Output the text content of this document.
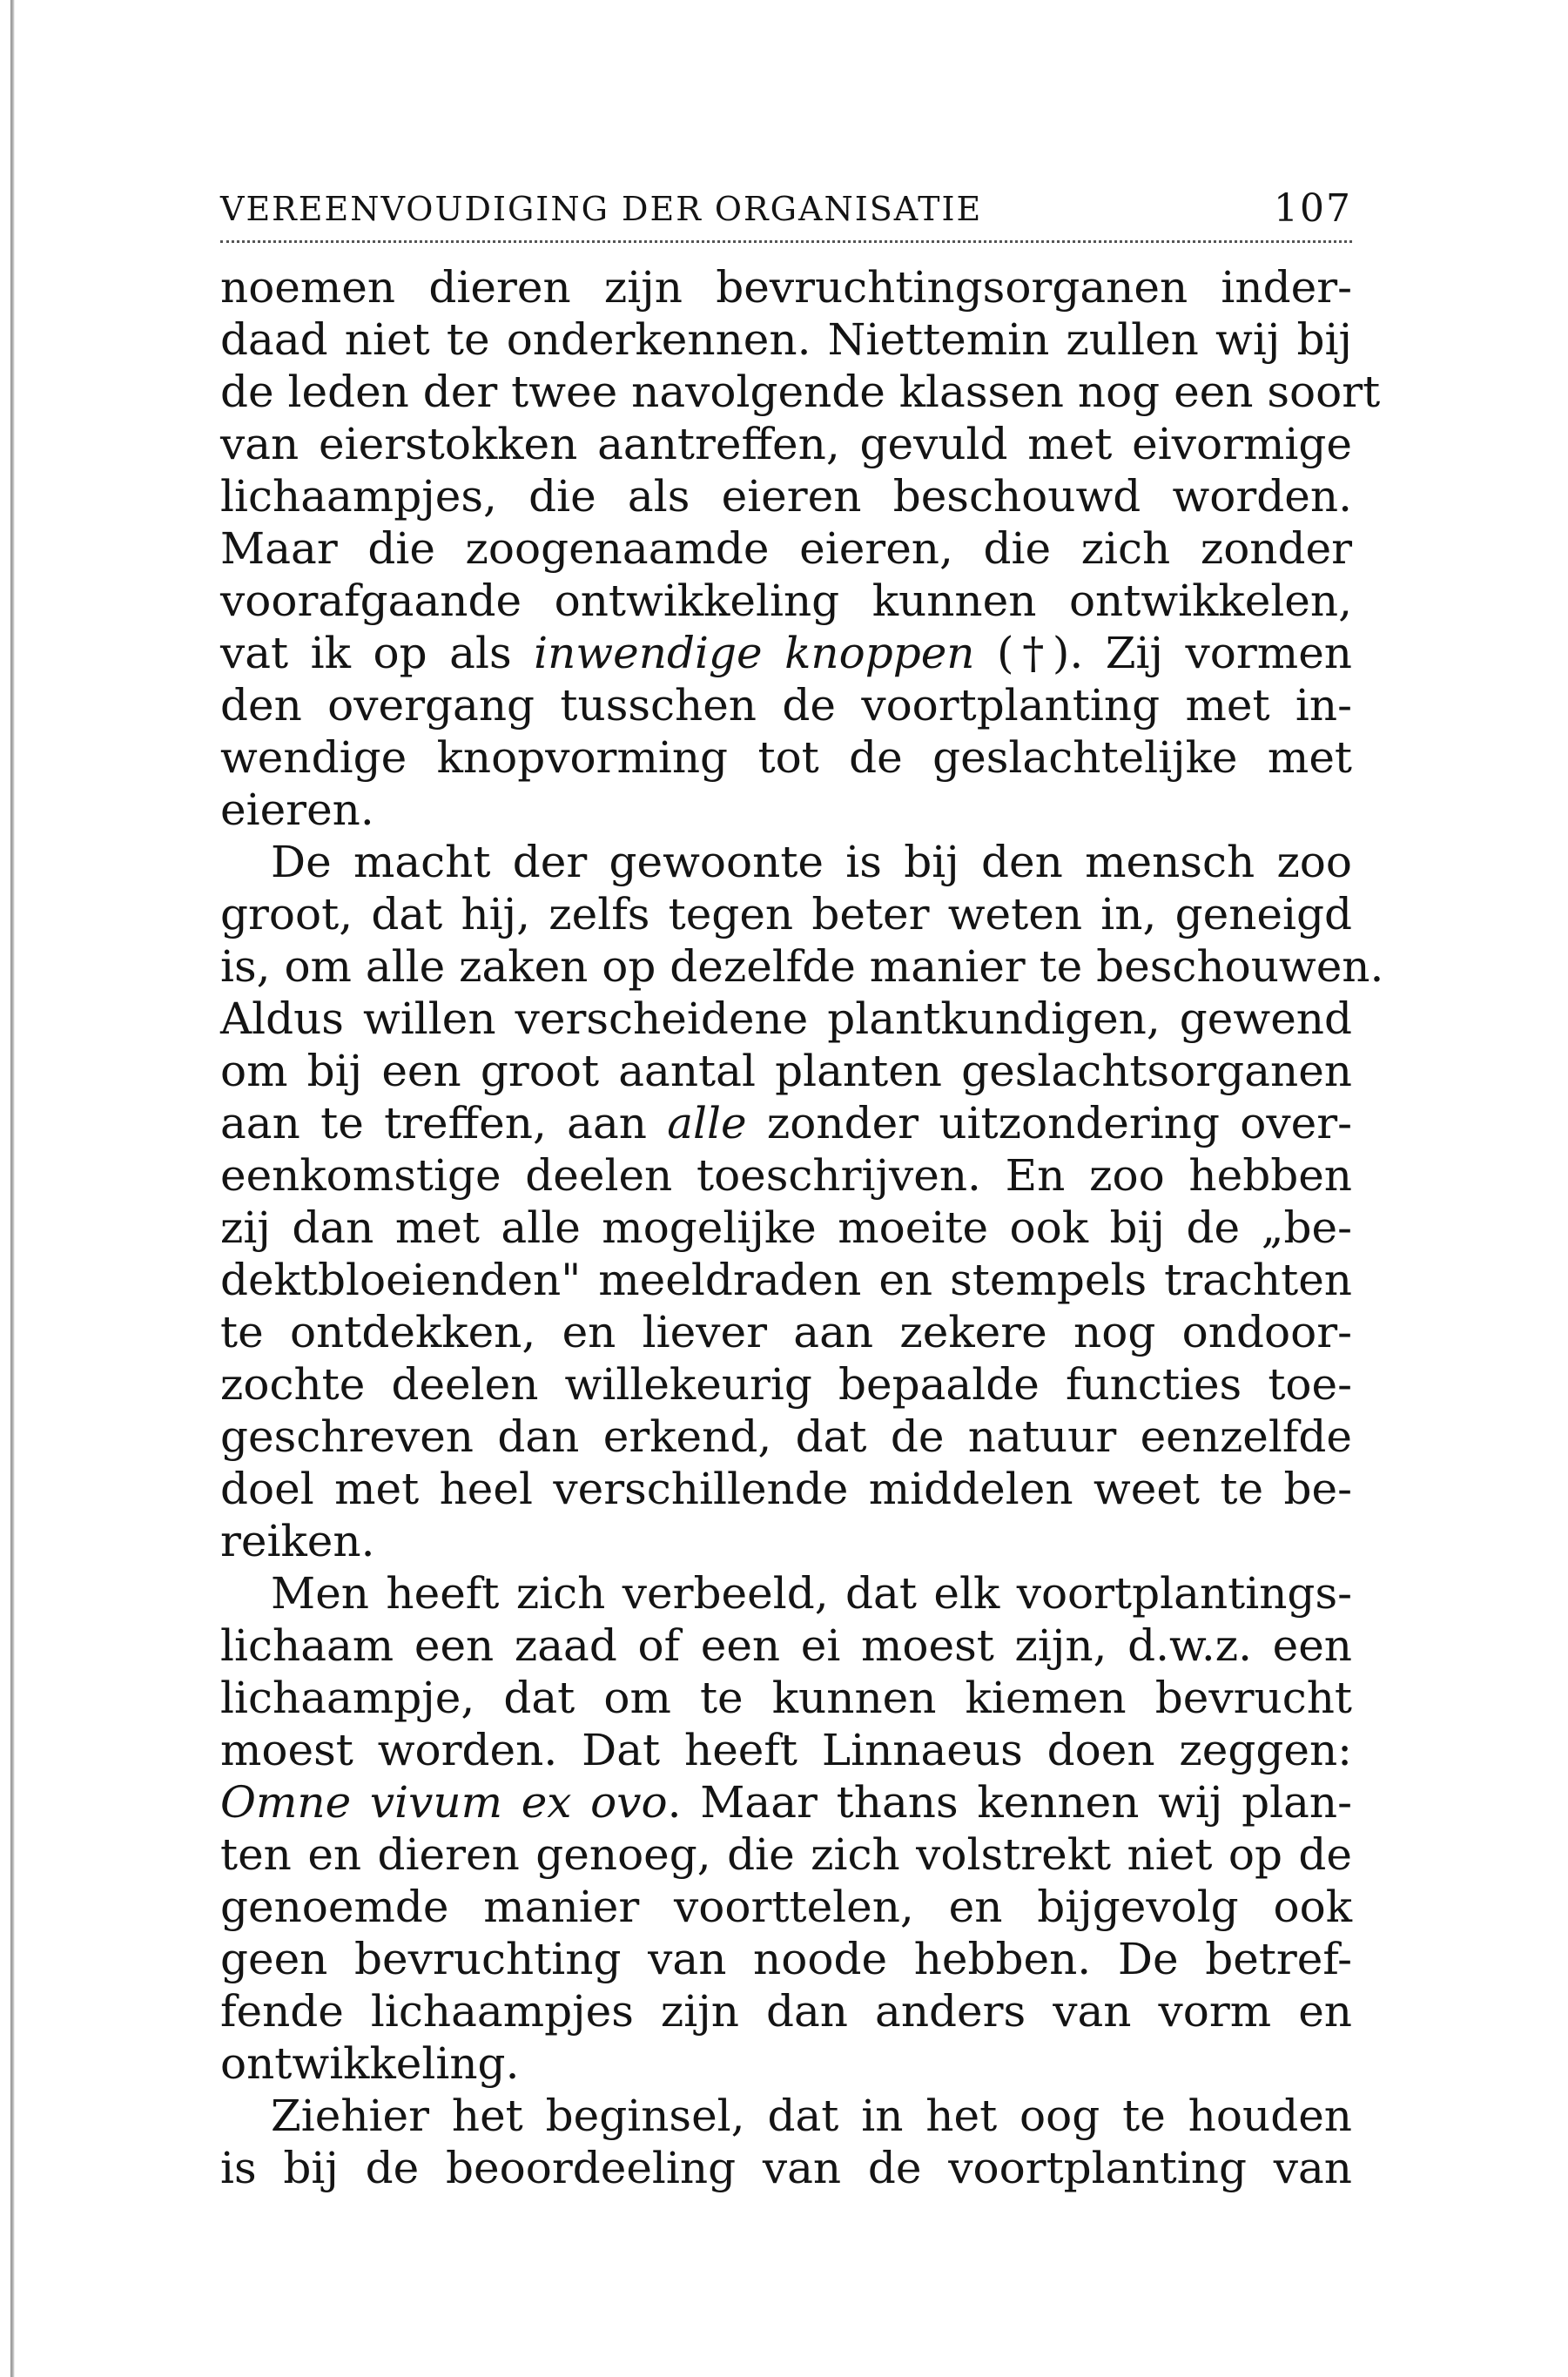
VEREENVOUDIGING DER ORGANISATIE	107
noemen dieren zijn bevruchtingsorganen inder-
daad niet te onderkennen. Niettemin zullen wij bij
de leden der twee navolgende klassen nog een soort
van eierstokken aantreffen, gevuld met eivormige
lichaampjes, die als eieren beschouwd worden.
Maar die zoogenaamde eieren, die zich zonder
voorafgaande ontwikkeling kunnen ontwikkelen,
vat ik op als inwendige knoppen (†). Zij vormen
den overgang tusschen de voortplanting met in-
wendige knopvorming tot de geslachtelijke met
eieren.
De macht der gewoonte is bij den mensch zoo
groot, dat hij, zelfs tegen beter weten in, geneigd
is, om alle zaken op dezelfde manier te beschouwen.
Aldus willen verscheidene plantkundigen, gewend
om bij een groot aantal planten geslachtsorganen
aan te treffen, aan alle zonder uitzondering over-
eenkomstige deelen toeschrijven. En zoo hebben
zij dan met alle mogelijke moeite ook bij de „be-
dektbloeienden" meeldraden en stempels trachten
te ontdekken, en liever aan zekere nog ondoor-
zochte deelen willekeurig bepaalde functies toe-
geschreven dan erkend, dat de natuur eenzelfde
doel met heel verschillende middelen weet te be-
reiken.
Men heeft zich verbeeld, dat elk voortplantings-
lichaam een zaad of een ei moest zijn, d.w.z. een
lichaampje, dat om te kunnen kiemen bevrucht
moest worden. Dat heeft Linnaeus doen zeggen:
Omne vivum ex ovo. Maar thans kennen wij plan-
ten en dieren genoeg, die zich volstrekt niet op de
genoemde manier voorttelen, en bijgevolg ook
geen bevruchting van noode hebben. De betref-
fende lichaampjes zijn dan anders van vorm en
ontwikkeling.
Ziehier het beginsel, dat in het oog te houden
is bij de beoordeeling van de voortplanting van
